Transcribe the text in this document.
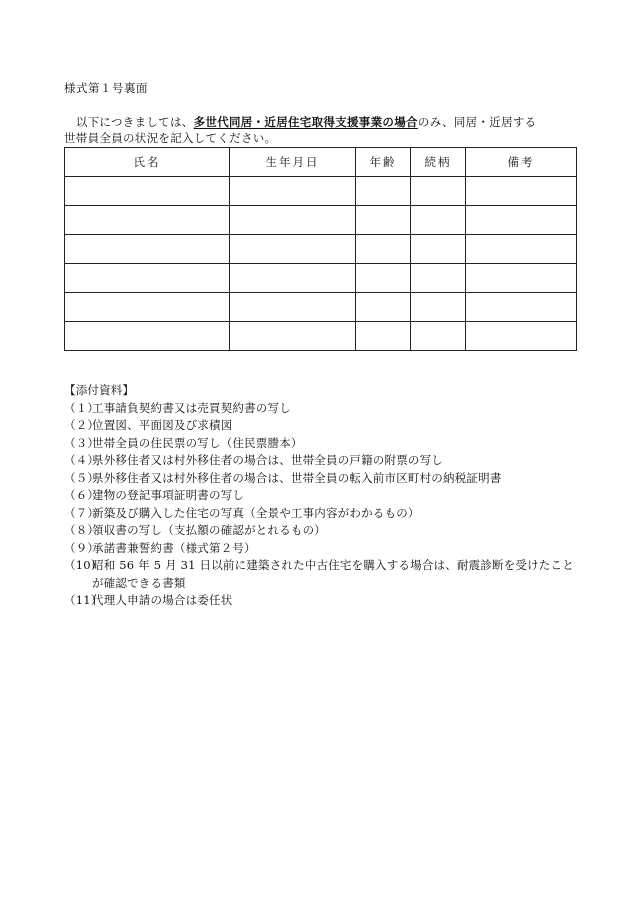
様式第１号裏面
　以下につきましては、多世代同居・近居住宅取得支援事業の場合のみ、同居・近居する
世帯員全員の状況を記入してください。
氏名	生年月日	年齢	続柄	備考

【添付資料】
（１）
工事請負契約書又は売買契約書の写し
（２）
位置図、平面図及び求積図
（３）
世帯全員の住民票の写し（住民票謄本）
（４）
県外移住者又は村外移住者の場合は、世帯全員の戸籍の附票の写し
（５）
県外移住者又は村外移住者の場合は、世帯全員の転入前市区町村の納税証明書
（６）
建物の登記事項証明書の写し
（７）
新築及び購入した住宅の写真（全景や工事内容がわかるもの）
（８）
領収書の写し（支払額の確認がとれるもの）
（９）
承諾書兼誓約書（様式第２号）
（10）
昭和 56 年 5 月 31 日以前に建築された中古住宅を購入する場合は、耐震診断を受けたことが確認できる書類
（11）
代理人申請の場合は委任状
